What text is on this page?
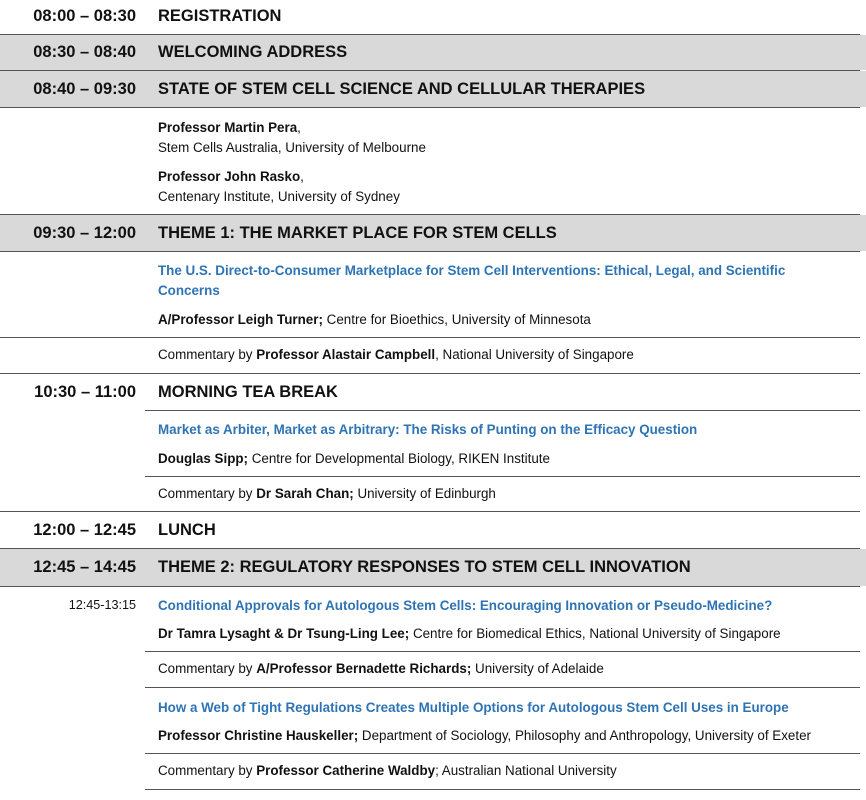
08:00 – 08:30 REGISTRATION
08:30 – 08:40 WELCOMING ADDRESS
08:40 – 09:30 STATE OF STEM CELL SCIENCE AND CELLULAR THERAPIES
Professor Martin Pera,
Stem Cells Australia, University of Melbourne
Professor John Rasko,
Centenary Institute, University of Sydney
09:30 – 12:00 THEME 1: THE MARKET PLACE FOR STEM CELLS
The U.S. Direct-to-Consumer Marketplace for Stem Cell Interventions: Ethical, Legal, and Scientific
Concerns
A/Professor Leigh Turner; Centre for Bioethics, University of Minnesota
Commentary by Professor Alastair Campbell, National University of Singapore
10:30 – 11:00 MORNING TEA BREAK
Market as Arbiter, Market as Arbitrary: The Risks of Punting on the Efficacy Question
Douglas Sipp; Centre for Developmental Biology, RIKEN Institute
Commentary by Dr Sarah Chan; University of Edinburgh
12:00 – 12:45 LUNCH
12:45 – 14:45 THEME 2: REGULATORY RESPONSES TO STEM CELL INNOVATION
12:45-13:15 Conditional Approvals for Autologous Stem Cells: Encouraging Innovation or Pseudo-Medicine?
Dr Tamra Lysaght & Dr Tsung-Ling Lee; Centre for Biomedical Ethics, National University of Singapore
Commentary by A/Professor Bernadette Richards; University of Adelaide
How a Web of Tight Regulations Creates Multiple Options for Autologous Stem Cell Uses in Europe
Professor Christine Hauskeller; Department of Sociology, Philosophy and Anthropology, University of Exeter
Commentary by Professor Catherine Waldby; Australian National University
